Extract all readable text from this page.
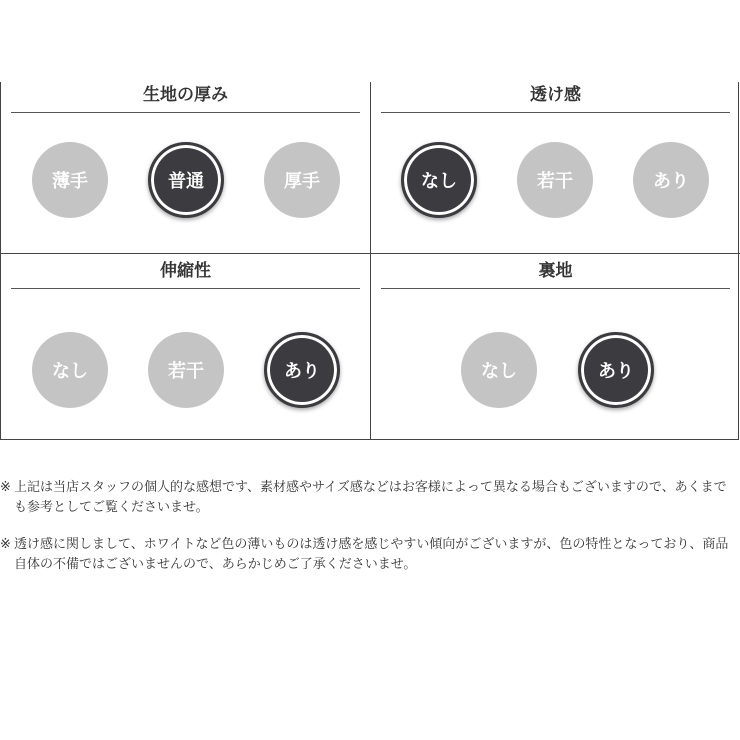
生地の厚み
薄手	普通	厚手
透け感
なし	若干	あり
伸縮性
なし	若干	あり
裏地
なし	あり
※ 上記は当店スタッフの個人的な感想です、素材感やサイズ感などはお客様によって異なる場合もございますので、あくまでも参考としてご覧くださいませ。
※ 透け感に関しまして、ホワイトなど色の薄いものは透け感を感じやすい傾向がございますが、色の特性となっており、商品自体の不備ではございませんので、あらかじめご了承くださいませ。
